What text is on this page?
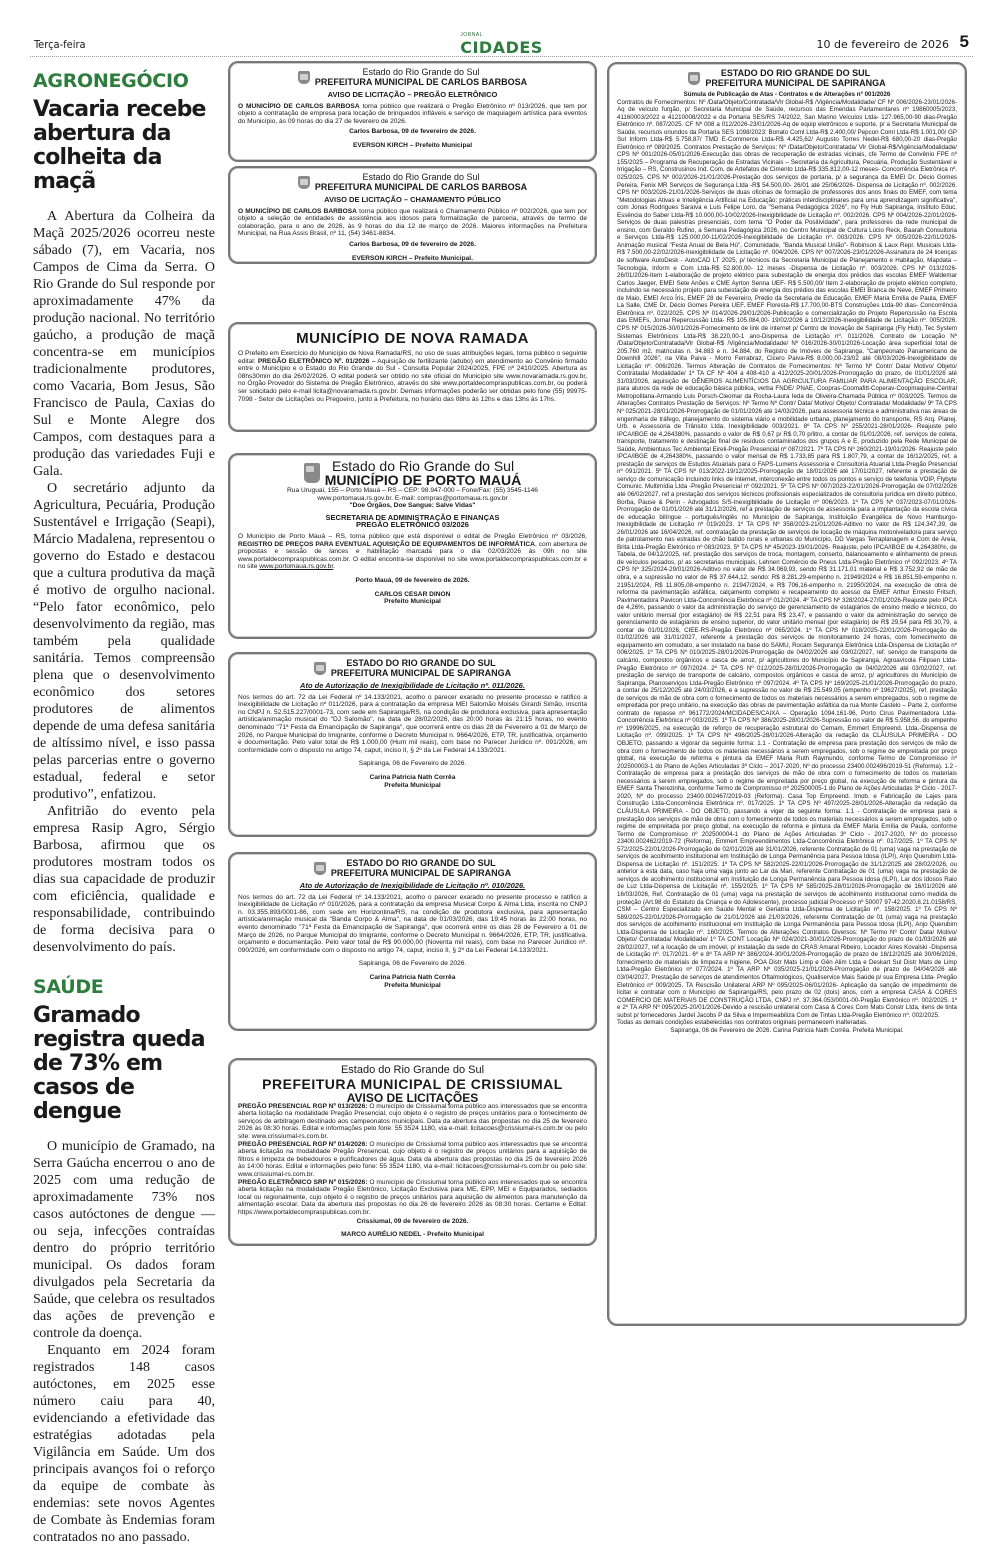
Terça-feira
JORNAL
CIDADES	10 de fevereiro de 2026 5
AGRONEGÓCIO
Vacaria recebe abertura da colheita da maçã

A Abertura da Colheira da Maçã 2025/2026 ocorreu neste sábado (7), em Vacaria, nos Campos de Cima da Serra. O Rio Grande do Sul responde por aproximadamente 47% da produção nacional. No território gaúcho, a produção de maçã concentra-se em municípios tradicionalmente produtores, como Vacaria, Bom Jesus, São Francisco de Paula, Caxias do Sul e Monte Alegre dos Campos, com destaques para a produção das variedades Fuji e Gala.

O secretário adjunto da Agricultura, Pecuária, Produção Sustentável e Irrigação (Seapi), Márcio Madalena, representou o governo do Estado e destacou que a cultura produtiva da maçã é motivo de orgulho nacional. “Pelo fator econômico, pelo desenvolvimento da região, mas também pela qualidade sanitária. Temos compreensão plena que o desenvolvimento econômico dos setores produtores de alimentos depende de uma defesa sanitária de altíssimo nível, e isso passa pelas parcerias entre o governo estadual, federal e setor produtivo”, enfatizou.

Anfitrião do evento pela empresa Rasip Agro, Sérgio Barbosa, afirmou que os produtores mostram todos os dias sua capacidade de produzir com eficiência, qualidade e responsabilidade, contribuindo de forma decisiva para o desenvolvimento do país.

SAÚDE
Gramado registra queda de 73% em casos de dengue

O município de Gramado, na Serra Gaúcha encerrou o ano de 2025 com uma redução de aproximadamente 73% nos casos autóctones de dengue — ou seja, infecções contraídas dentro do próprio território municipal. Os dados foram divulgados pela Secretaria da Saúde, que celebra os resultados das ações de prevenção e controle da doença.

Enquanto em 2024 foram registrados 148 casos autóctones, em 2025 esse número caiu para 40, evidenciando a efetividade das estratégias adotadas pela Vigilância em Saúde. Um dos principais avanços foi o reforço da equipe de combate às endemias: sete novos Agentes de Combate às Endemias foram contratados no ano passado.

Estado do Rio Grande do Sul
PREFEITURA MUNICIPAL DE CARLOS BARBOSA
AVISO DE LICITAÇÃO – PREGÃO ELETRÔNICO
O MUNICÍPIO DE CARLOS BARBOSA torna público que realizará o Pregão Eletrônico nº 013/2026, que tem por objeto a contratação de empresa para locação de brinquedos infláveis e serviço de maquiagem artística para eventos do Município, às 09 horas do dia 27 de fevereiro de 2026.
Carlos Barbosa, 09 de fevereiro de 2026.
EVERSON KIRCH – Prefeito Municipal
Estado do Rio Grande do Sul
PREFEITURA MUNICIPAL DE CARLOS BARBOSA
AVISO DE LICITAÇÃO – CHAMAMENTO PÚBLICO
O MUNICÍPIO DE CARLOS BARBOSA torna público que realizará o Chamamento Público nº 002/2026, que tem por objeto a seleção de entidades de assistência aos idosos para formalização de parceria, através de termo de colaboração, para o ano de 2026, às 9 horas do dia 12 de março de 2026. Maiores informações na Prefeitura Municipal, na Rua Assis Brasil, nº 11, (54) 3461-8834.
Carlos Barbosa, 09 de fevereiro de 2026.
EVERSON KIRCH – Prefeito Municipal.
MUNICÍPIO DE NOVA RAMADA
O Prefeito em Exercício do Município de Nova Ramada/RS, no uso de suas atribuições legais, torna público o seguinte edital: PREGÃO ELETRÔNICO Nº. 01/2026 – Aquisição de fertilizante (adubo) em atendimento ao Convênio firmado entre o Município e o Estado do Rio Grande do Sul - Consulta Popular 2024/2025, FPE nº 2410/2025. Abertura as 08hs30min do dia 26/02/2026. O edital poderá ser obtido no site oficial do Município site www.novaramada.rs.gov.br, no Órgão Provedor do Sistema de Pregão Eletrônico, através do site www.portaldecompraspublicas.com.br, ou poderá ser solicitado pelo e-mail licita@novaramada.rs.gov.br. Demais informações poderão ser obtidas pelo fone (55) 99975-7098 - Setor de Licitações ou Pregoeiro, junto a Prefeitura, no horário das 08hs às 12hs e das 13hs às 17hs.
Estado do Rio Grande do Sul
MUNICÍPIO DE PORTO MAUÁ
Rua Uruguai, 155 – Porto Mauá – RS – CEP: 98.947-000 – Fone/Fax: (55) 3545-1146
www.portomaua.rs.gov.br. E-mail: compras@portomaua.rs.gov.br
"Doe Órgãos, Doe Sangue: Salve Vidas"
SECRETARIA DE ADMINISTRAÇÃO E FINANÇAS
PREGÃO ELETRÔNICO 03/2026
O Município de Porto Mauá – RS, torna público que está disponível o edital de Pregão Eletrônico nº 03/2026, REGISTRO DE PREÇOS PARA EVENTUAL AQUISIÇÃO DE EQUIPAMENTOS DE INFORMÁTICA, com abertura de propostas e sessão de lances e habilitação marcada para o dia 02/03/2026 às 09h no site www.portaldecompraspublicas.com.br. O edital encontra-se disponível no site www.portaldecompraspublicas.com.br e no site www.portomaua.rs.gov.br.
Porto Mauá, 09 de fevereiro de 2026.
CARLOS CESAR DINON
Prefeito Municipal
ESTADO DO RIO GRANDE DO SUL
PREFEITURA MUNICIPAL DE SAPIRANGA
Ato de Autorização de Inexigibilidade de Licitação nº. 011/2026.
Nos termos do art. 72 da Lei Federal nº 14.133/2021, acolho o parecer exarado no presente processo e ratifico a Inexigibilidade de Licitação nº 011/2026, para a contratação da empresa MEI Salomão Moisés Girardi Simão, inscrita no CNPJ n. 52.515.227/0001-73, com sede em Sapiranga/RS, na condição de produtora exclusiva, para apresentação artística/animação musical do "DJ Salomão", na data de 28/02/2026, das 20:00 horas às 21:15 horas, no evento denominado "71ª Festa da Emancipação de Sapiranga", que ocorrerá entre os dias 28 de Fevereiro a 01 de Março de 2026, no Parque Municipal do Imigrante, conforme o Decreto Municipal n. 9664/2026, ETP, TR, justificativa, orçamento e documentação. Pelo valor total de R$ 1.000,00 (Hum mil reais), com base no Parecer Jurídico nº. 091/2026, em conformidade com o disposto no artigo 74, caput, inciso II, § 2º da Lei Federal 14.133/2021.
Sapiranga, 06 de Fevereiro de 2026.
Carina Patricia Nath Corrêa
Prefeita Municipal
ESTADO DO RIO GRANDE DO SUL
PREFEITURA MUNICIPAL DE SAPIRANGA
Ato de Autorização de Inexigibilidade de Licitação nº. 010/2026.
Nos termos do art. 72 da Lei Federal nº 14.133/2021, acolho o parecer exarado no presente processo e ratifico a Inexigibilidade de Licitação nº 010/2026, para a contratação da empresa Musical Corpo & Alma Ltda, inscrita no CNPJ n. 03.355.893/0001-86, com sede em Horizontina/RS, na condição de produtora exclusiva, para apresentação artística/animação musical da "Banda Corpo & Alma", na data de 01/03/2026, das 19:45 horas às 22:00 horas, no evento denominado "71ª Festa da Emancipação de Sapiranga", que ocorrerá entre os dias 28 de Fevereiro a 01 de Março de 2026, no Parque Municipal do Imigrante, conforme o Decreto Municipal n. 9664/2026, ETP, TR, justificativa, orçamento e documentação. Pelo valor total de R$ 90.000,00 (Noventa mil reais), com base no Parecer Jurídico nº. 090/2026, em conformidade com o disposto no artigo 74, caput, inciso II, § 2º da Lei Federal 14.133/2021.
Sapiranga, 06 de Fevereiro de 2026.
Carina Patricia Nath Corrêa
Prefeita Municipal
Estado do Rio Grande do Sul
PREFEITURA MUNICIPAL DE CRISSIUMAL
AVISO DE LICITAÇÕES
PREGÃO PRESENCIAL RGP Nº 013/2026: O município de Crissiumal torna público aos interessados que se encontra aberta licitação na modalidade Pregão Presencial, cujo objeto é o registro de preços unitários para o fornecimento de serviços de arbitragem destinado aos campeonatos municipais. Data da abertura das propostas no dia 25 de fevereiro 2026 às 08:30 horas. Edital e informações pelo fone: 55 3524 1180, via e-mail: licitacoes@crissiumal-rs.com.br ou pelo site: www.crissiumal-rs.com.br.
PREGÃO PRESENCIAL RGP Nº 014/2026: O município de Crissiumal torna público aos interessados que se encontra aberta licitação na modalidade Pregão Presencial, cujo objeto é o registro de preços unitários para a aquisição de filtros e limpeza de bebedouros e purificadores de água. Data da abertura das propostas no dia 25 de fevereiro 2026 às 14:00 horas. Edital e informações pelo fone: 55 3524 1180, via e-mail: licitacoes@crissiumal-rs.com.br ou pelo site: www.crissiumal-rs.com.br.
PREGÃO ELETRÔNICO SRP Nº 015/2026: O município de Crissiumal torna público aos interessados que se encontra aberta licitação na modalidade Pregão Eletrônico, Licitação Exclusiva para ME, EPP, MEI e Equiparados, sediados local ou regionalmente, cujo objeto é o registro de preços unitários para aquisição de alimentos para manutenção da alimentação escolar. Data da abertura das propostas no dia 26 de fevereiro 2026 às 08:30 horas. Certame e Edital: https://www.portaldecompraspublicas.com.br.
Crissiumal, 09 de fevereiro de 2026.
MARCO AURÉLIO NEDEL - Prefeito Municipal
ESTADO DO RIO GRANDE DO SUL
PREFEITURA MUNICIPAL DE SAPIRANGA
Súmula de Publicação de Atas - Contratos e de Alterações nº 001/2026
Contratos de Fornecimentos: Nº /Data/Objeto/Contratada/Vlr Global-R$ /Vigência/Modalidade/ CF Nº 006/2026-23/01/2026-Aq de veículo furgão, p/ Secretaria Municipal de Saúde, recursos das Emendas Parlamentares nº 19860005/2023, 41160003/2022 e 41210008/2022 e da Portaria SES/RS 74/2022, San Marino Veículos Ltda- 127.965,00-90 dias-Pregão Eletrônico nº. 087/2025. CF Nº 008 a 012/2026-23/01/2026-Aq de equip eletrônicos e suporte, p/ a Secretaria Municipal de Saúde, recursos oriundos da Portaria SES 1098/2023: Bonato Coml Ltda-R$ 2.400,00/ Pepcon Coml Ltda-R$ 1.001,00/ GP Sul Inform Ltda-R$ 5.758,87/ TMD E-Commerce Ltda-R$ 4.425,62/ Augusto Torres Nedel-R$ 680,00-20 dias-Pregão Eletrônico nº 089/2025. Contratos Prestação de Serviços: Nº /Data/Objeto/Contratada/ Vlr Global-R$/Vigência/Modalidade/ CPS Nº 001/2026-05/01/2026-Execução das obras de recuperação de estradas vicinais, cfe Termo de Convênio FPE nº 155/2025 – Programa de Recuperação de Estradas Vicinais – Secretaria da Agricultura, Pecuária, Produção Sustentável e Irrigação – RS, Construsinos Ind. Com. de Artefatos de Cimento Ltda-R$ 335.812,00-12 meses- Concorrência Eletrônica nº. 025/2025. CPS Nº 002/2026-21/01/2026-Prestação dos serviços de portaria, p/ a segurança da EMEI Dr. Décio Gomes Pereira, Fenix MR Serviços de Segurança Ltda -R$ 54.500,00- 26/01 até 25/06/2026- Dispensa de Licitação nº. 002/2026. CPS Nº 003/2026-21/01/2026-Serviços de duas oficinas de formação de professores dos anos finais do EMEF, com tema "Metodologias Ativas e Inteligência Artificial na Educação: práticas interdisciplinares para uma aprendizagem significativa", com Jonas Rodrigues Saraiva e Luis Felipe Loro, da "Semana Pedagógica 2026", no Fly Hub Sapiranga, Instituto Educ. Essência do Saber Ltda-R$ 10.000,00-10/02/2026-Inexigibilidade de Licitação nº. 002/2026. CPS Nº 004/2026-22/01/2026-Serviços de duas palestras presenciais, com tema "O Poder da Positividade", para professores da rede municipal de ensino, com Geraldo Rufino, a Semana Pedagógica 2026, no Centro Municipal de Cultura Lúcio Reck, Baarah Consultoria e Serviços Ltda-R$ 125.000,00-11/02/2026-Inexigibilidade de Licitação nº. 003/2026. CPS Nº 005/2026-22/01/2026-Animação musical "Festa Anual de Bela Hú", Comunidade, "Banda Musical União"- Robinson & Laux Repr. Musicais Ltda-R$ 7.500,00-22/02/2026-Inexigibilidade de Licitação nº. 004/2026. CPS Nº 007/2026-23/01/2026-Assinatura de 24 licenças de software AutoDesk - AutoCAD LT 2025, p/ técnicos da Secretaria Municipal de Planejamento e Habitação, Mapdata – Tecnologia, Inform e Com Ltda-R$ 52.800,00- 12 meses -Dispensa de Licitação nº. 003/2026. CPS Nº 013/2026-26/01/2026-Item 1-elaboração de projeto elétrico para subestação de energia dos prédios das escolas EMEF Waldemar Carlos Jaeger, EMEI Sete Anões e CME Ayrton Senna UEF- R$ 5.500,00/ Item 2-elaboração de projeto elétrico completo, incluindo se necessário projeto para subestação de energia dos prédios das escolas EMEI Branca de Neve, EMEF Primeiro de Maio, EMEI Arco Íris, EMEF 28 de Fevereiro, Prédio da Secretaria de Educação, EMEF Maria Emília de Paula, EMEF La Salle, CME Dr. Décio Gomes Pereira UEF, EMEF Floresta-R$ 17.700,00-BTS Construções Ltda-90 dias- Concorrência Eletrônica nº. 022/2025. CPS Nº 014/2026-29/01/2026-Publicação e comercialização do Projeto Repercussão na Escola das EMEFs, Jornal Repercussão Ltda- R$ 105.084,00- 19/02/2026 à 10/12/2026-Inexigibilidade de Licitação nº. 005/2026. CPS Nº 015/2026-30/01/2026-Fornecimento de link de internet p/ Centro de Inovação de Sapiranga (Fly Hub), Tec System Sistemas Eletrônicos Ltda-R$ 38.220,00-1 ano-Dispensa de Licitação nº. 011/2026. Contrato de Locação Nº /Data/Objeto/Contratada/Vlr Global-R$ /Vigência/Modalidade/ Nº 016/2026-30/01/2026-Locação área superficial total de 205.760 m2, matrículas n. 34.883 e n. 34.884, do Registro de Imóveis de Sapiranga, "Campeonato Panamericano de Downhill 2026", na Villa Paiva - Morro Ferrabraz, Cicero Paiva-R$ 8.000,00-23/02 até 08/03/2026-Inexigibilidade de Licitação nº. 006/2026. Termos Alteração de Contratos de Fornecimentos: Nº Termo Nº Contr/ Data/ Motivo/ Objeto/ Contratada/ Modalidade/ 1º TA CF Nº 404 a 408-410 a 412/2025-20/01/2026-Prorrogação do prazo, de 01/01/2026 até 31/03/2026, aquisição de GÊNEROS ALIMENTÍCIOS DA AGRICULTURA FAMILIAR PARA ALIMENTAÇÃO ESCOLAR, para alunos da rede de educação básica pública, verba FNDE/ PNAE, Coopras-Coomafitt-Coperav-Coopmaquine-Central Metropolitana-Armando Luis Porsch-Cleomar da Rocha-Laura Ieda de Oliveira-Chamada Pública nº 003/2025. Termos de Alterações Contratos Prestação de Serviços: Nº Termo Nº Contr/ Data/ Motivo/ Objeto/ Contratada/ Modalidade/ 9º TA CPS Nº 025/2021-28/01/2026-Prorrogação de 01/01/2026 até 14/03/2026, para assessoria técnica e administrativa nas áreas de engenharia de tráfego, planejamento do sistema viário e mobilidade urbana, planejamento do transporte, RS Arq. Planej. Urb. e Assessoria de Trânsito Ltda, Inexigibilidade 003/2021. 8º TA CPS Nº 255/2021-28/01/2026- Reajuste pelo IPCA/IBGE de 4,264380%, passando o valor de R$ 0,67 p/ R$ 0,70 p/litro, a contar de 01/01/2026, ref. serviços de coleta, transporte, tratamento e destinação final de resíduos contaminados dos grupos A e E, produzido pela Rede Municipal de Saúde, Ambientuus Tec Ambiental Eireli-Pregão Presencial nº 087/2021. 7º TA CPS Nº 260/2021-19/01/2026- Reajuste pelo IPCA/IBGE de 4,264380%, passando o valor mensal de R$ 1.733,85 para R$ 1.807,79, a contar de 16/12/2025, ref. a prestação de serviços de Estudos Atuariais para o FAPS-Lumens Assessoria e Consultoria Atuarial Ltda-Pregão Presencial nº 091/2021. 5º TA CPS Nº 013/2022-19/12/2025-Prorrogação de 18/01/2026 até 17/01/2027, referente a prestação de serviço de comunicação incluindo links de internet, interconexão entre todos os pontos e serviço de telefonia VOIP, Flybyte Comunic. Multimídia Ltda -Pregão Presencial nº 092/2021. 5º TA CPS Nº 007/2023-22/01/2026-Prorrogação de 07/02/2026 até 06/02/2027, ref a prestação dos serviços técnicos profissionais especializados de consultoria jurídica em direito público, Borba, Pause & Perin - Advogados S/S-Inexigibilidade de Licitação nº 006/2023. 1º TA CPS Nº 037/2023-07/01/2026-Prorrogação de 01/01/2026 até 31/12/2026, ref a prestação de serviços de assessoria para a implantação da escola cívica de educação bilíngue - português/inglês no Município de Sapiranga, Instituição Evangélica de Novo Hamburgo-Inexigibilidade de Licitação nº 019/2023. 1º TA CPS Nº 358/2023-21/01/2026-Aditivo no valor de R$ 124.347,39, de 26/01/2026 até 16/04/2026, ref. contratação da prestação de serviços de locação de máquina motoniveladora para serviço de patrolamento nas estradas de chão batido rurais e urbanas do Município, DD Vargas Terraplanagem e Com de Areia, Brita Ltda-Pregão Eletrônico nº 083/2023. 5º TA CPS Nº 45/2023-19/01/2026- Reajuste, pelo IPCA/IBGE de 4,264380%, de Tabela, de 04/12/2025, ref. prestação dos serviços de troca, montagem, conserto, balanceamento e alinhamento de pneus de veículos pesados, p/ as secretarias municipais, Lehnen Comércio de Pneus Ltda-Pregão Eletrônico nº 092/2023. 4º TA CPS Nº 325/2024-29/01/2026-Aditivo no valor de R$ 34.069,93, sendo R$ 31.171,01 material e R$ 3.752,92 de mão de obra, e a supressão no valor de R$ 37.644,12, sendo: R$ 8.281,29-empenho n. 21949/2024 e R$ 16.851,59-empenho n. 21951/2024, R$ 11.805,08-empenho n. 21947/2024, e R$ 706,16-empenho n. 21950/2024, na execução de obra de reforma da pavimentação asfáltica, calçamento completo e recapeamento do acesso da EMEF Arthur Ernesto Fritsch, Pavimentadora Pavicon Ltda-Concorrência Eletrônica nº 012/2024. 4º TA CPS Nº 328/2024-27/01/2026-Reajuste pelo IPCA de 4,26%, passando o valor da administração do serviço de gerenciamento de estagiários de ensino médio e técnico, do valor unitário mensal (por estagiário) de R$ 22,51 para R$ 23,47, e passando o valor da administração do serviço de gerenciamento de estagiários de ensino superior, do valor unitário mensal (por estagiário) de R$ 29,54 para R$ 30,79, a contar de 01/01/2026, CIEE-RS-Pregão Eletrônico nº 065/2024. 1º TA CPS Nº 018/2025-22/01/2026-Prorrogação de 01/02/2026 até 31/01/2027, referente a prestação dos serviços de monitoramento 24 horas, com fornecimento de equipamento em comodato, a ser instalado na base do SAMU, Rocam Segurança Eletrônica Ltda-Dispensa de Licitação nº 006/2025. 1º TA CPS Nº 010/2025-28/01/2026-Prorrogação de 04/02/2026 até 03/02/2027, ref. serviço de transporte de calcário, compostos orgânicos e casca de arroz, p/ agricultores do Município de Sapiranga, Agroavícola Filipsen Ltda-Pregão Eletrônico nº 097/2024. 2º TA CPS Nº 012/2025-28/01/2026-Prorrogação de 04/02/2026 até 03/02/2027, ref. prestação de serviço de transporte de calcário, compostos orgânicos e casca de arroz, p/ agricultores do Município de Sapiranga, Planoserviços Ltda-Pregão Eletrônico nº 097/2024. 4º TA CPS Nº 169/2025-21/01/2026-Prorrogação do prazo, a contar de 25/12/2025 até 24/03/2026, e a supressão no valor de R$ 25.549,05 (empenho nº 19627/2025), ref. prestação de serviços de mão de obra com o fornecimento de todos os materiais necessários a serem empregados, sob o regime de empreitada por preço unitário, na execução das obras de pavimentação asfáltica da rua Monte Castelo – Parte 2, conforme contrato de repasse nº 961772/2024/MCIDADES/CAIXA – Operação 1094.161-96, Porto Cirus Pavimentadora Ltda- Concorrência Eletrônica nº 003/2025. 1º TA CPS Nº 386/2025-28/01/2026-Supressão no valor de R$ 5.958,56, do empenho nº 19996/2025, na execução de reforço de recuperação estrutural do Cemam, Emmert Empreend. Ltda.-Dispensa de Licitação nº. 099/2025. 1º TA CPS Nº 496/2025-28/01/2026-Alteração da redação da CLÁUSULA PRIMEIRA - DO OBJETO, passando a vigorar da seguinte forma: 1.1 - Contratação de empresa para prestação dos serviços de mão de obra com o fornecimento de todos os materiais necessários a serem empregados, sob o regime de empreitada por preço global, na execução de reforma e pintura da EMEF Maria Ruth Raymundo, conforme Termo de Compromisso nº 202500003-1 do Plano de Ações Articuladas 3º Ciclo – 2017-2020, Nº do processo 23400.002496/2019-51 (Reforma). 1.2 - Contratação de empresa para a prestação dos serviços de mão de obra com o fornecimento de todos os materiais necessários a serem empregados, sob o regime de empreitada por preço global, na execução de reforma e pintura da EMEF Santa Therezinha, conforme Termo de Compromisso nº 202500005-1 do Plano de Ações Articuladas 3º Ciclo - 2017-2020, Nº do processo 23400.002467/2019-03 (Reforma). Casa Top Empreend. Imob. e Fabricação de Lajes para Construção Ltda-Concorrência Eletrônica nº. 017/2025. 1º TA CPS Nº 497/2025-28/01/2026-Alteração da redação da CLÁUSULA PRIMEIRA - DO OBJETO, passando a viger da seguinte forma: 1.1 - Contratação de empresa para a prestação dos serviços de mão de obra com o fornecimento de todos os materiais necessários a serem empregados, sob o regime de empreitada por preço global, na execução de reforma e pintura da EMEF Maria Emília de Paula, conforme Termo de Compromisso nº 202500004-1 do Plano de Ações Articuladas 3º Ciclo - 2017-2020, Nº do processo 23400.002462/2019-72 (Reforma), Emmert Empreendimentos Ltda-Concorrência Eletrônica nº. 017/2025. 1º TA CPS Nº 572/2025-22/01/2026-Prorrogação de 02/01/2026 até 31/01/2026, referente Contratação de 01 (uma) vaga na prestação de serviços de acolhimento institucional em Instituição de Longa Permanência para Pessoa Idosa (ILPI), Anjo Querubim Ltda-Dispensa de Licitação nº. 151/2025. 1º TA CPS Nº 582/2025-22/01/2026-Prorrogação de 31/12/2025 até 28/02/2026, ou anterior a esta data, caso haja uma vaga junto ao Lar da Mari, referente Contratação de 01 (uma) vaga na prestação de serviços de acolhimento institucional em Instituição de Longa Permanência para Pessoa Idosa (ILPI), Lar dos Idosos Raio de Luz Ltda-Dispensa de Licitação nº. 155/2025. 1º TA CPS Nº 585/2025-28/01/2026-Prorrogação de 16/01/2026 até 16/03/2026, Ref. Contratação de 01 (uma) vaga na prestação de serviços de acolhimento institucional como medida de proteção (Art.98 do Estatuto da Criança e do Adolescente), processo judicial Processo nº 50007 97-42.2020.8.21.0158/RS, CSM – Centro Especializado em Saúde Mental e Geriatria Ltda-Dispensa de Licitação nº. 158/2025. 1º TA CPS Nº 589/2025-22/01/2026-Prorrogação de 21/01/2026 até 21/03/2026, referente Contratação de 01 (uma) vaga na prestação dos serviços de acolhimento institucional em Instituição de Longa Permanência para Pessoa Idosa (ILPI), Anjo Querubim Ltda-Dispensa de Licitação nº. 160/2025. Termos de Alterações Contratos Diversos: Nº Termo Nº Contr/ Data/ Motivo/ Objeto/ Contratada/ Modalidade/ 1º TA CONT Locação Nº 024/2021-30/01/2026-Prorrogação do prazo de 01/03/2026 até 28/02/2027, ref a locação de um imóvel, p/ instalação da sede do CRAS Amaral Ribeiro, Locador Aires Kovalski -Dispensa de Licitação nº. 017/2021. 6º e 8º TA ARP Nº 386/2024-30/01/2026-Prorrogação de prazo de 18/12/2025 até 30/06/2026, fornecimento de materiais de limpeza e higiene, POA Distr Mats Limp e Gên Alim Ltda e Deskart Sul Distr Mats de Limp Ltda-Pregão Eletrônico nº 077/2024. 1º TA ARP Nº 035/2025-21/01/2026-Prorrogação de prazo de 04/04/2026 até 03/04/2027, Prestação de serviços de atendimentos Oftalmológicos, Qualiservice Mais Saúde p/ sua Empresa Ltda- Pregão Eletrônico nº 009/2025. TA Rescisão Unilateral ARP Nº 095/2025-06/01/2026- Aplicação da sanção de impedimento de licitar e contratar com o Município de Sapiranga/RS, pelo prazo de 02 (dois) anos, com a empresa CASA & CORES COMERCIO DE MATERIAIS DE CONSTRUÇÃO LTDA, CNPJ nº. 37.364.053/0001-00-Pregão Eletrônico nº. 002/2025. 1º e 2º TA ARP Nº 095/2025-20/01/2026-Devido a rescisão unilateral com Casa & Cores Com Mats Constr Ltda, itens de tinta subst p/ fornecedores Jardel Jacobs P da Silva e Impermeabiliza Com de Tintas Ltda-Pregão Eletrônico nº. 002/2025.
Todas as demais condições estabelecidas nos contratos originais permanecem inalteradas.
Sapiranga, 06 de Fevereiro de 2026. Carina Patrícia Nath Corrêa. Prefeita Municipal.
